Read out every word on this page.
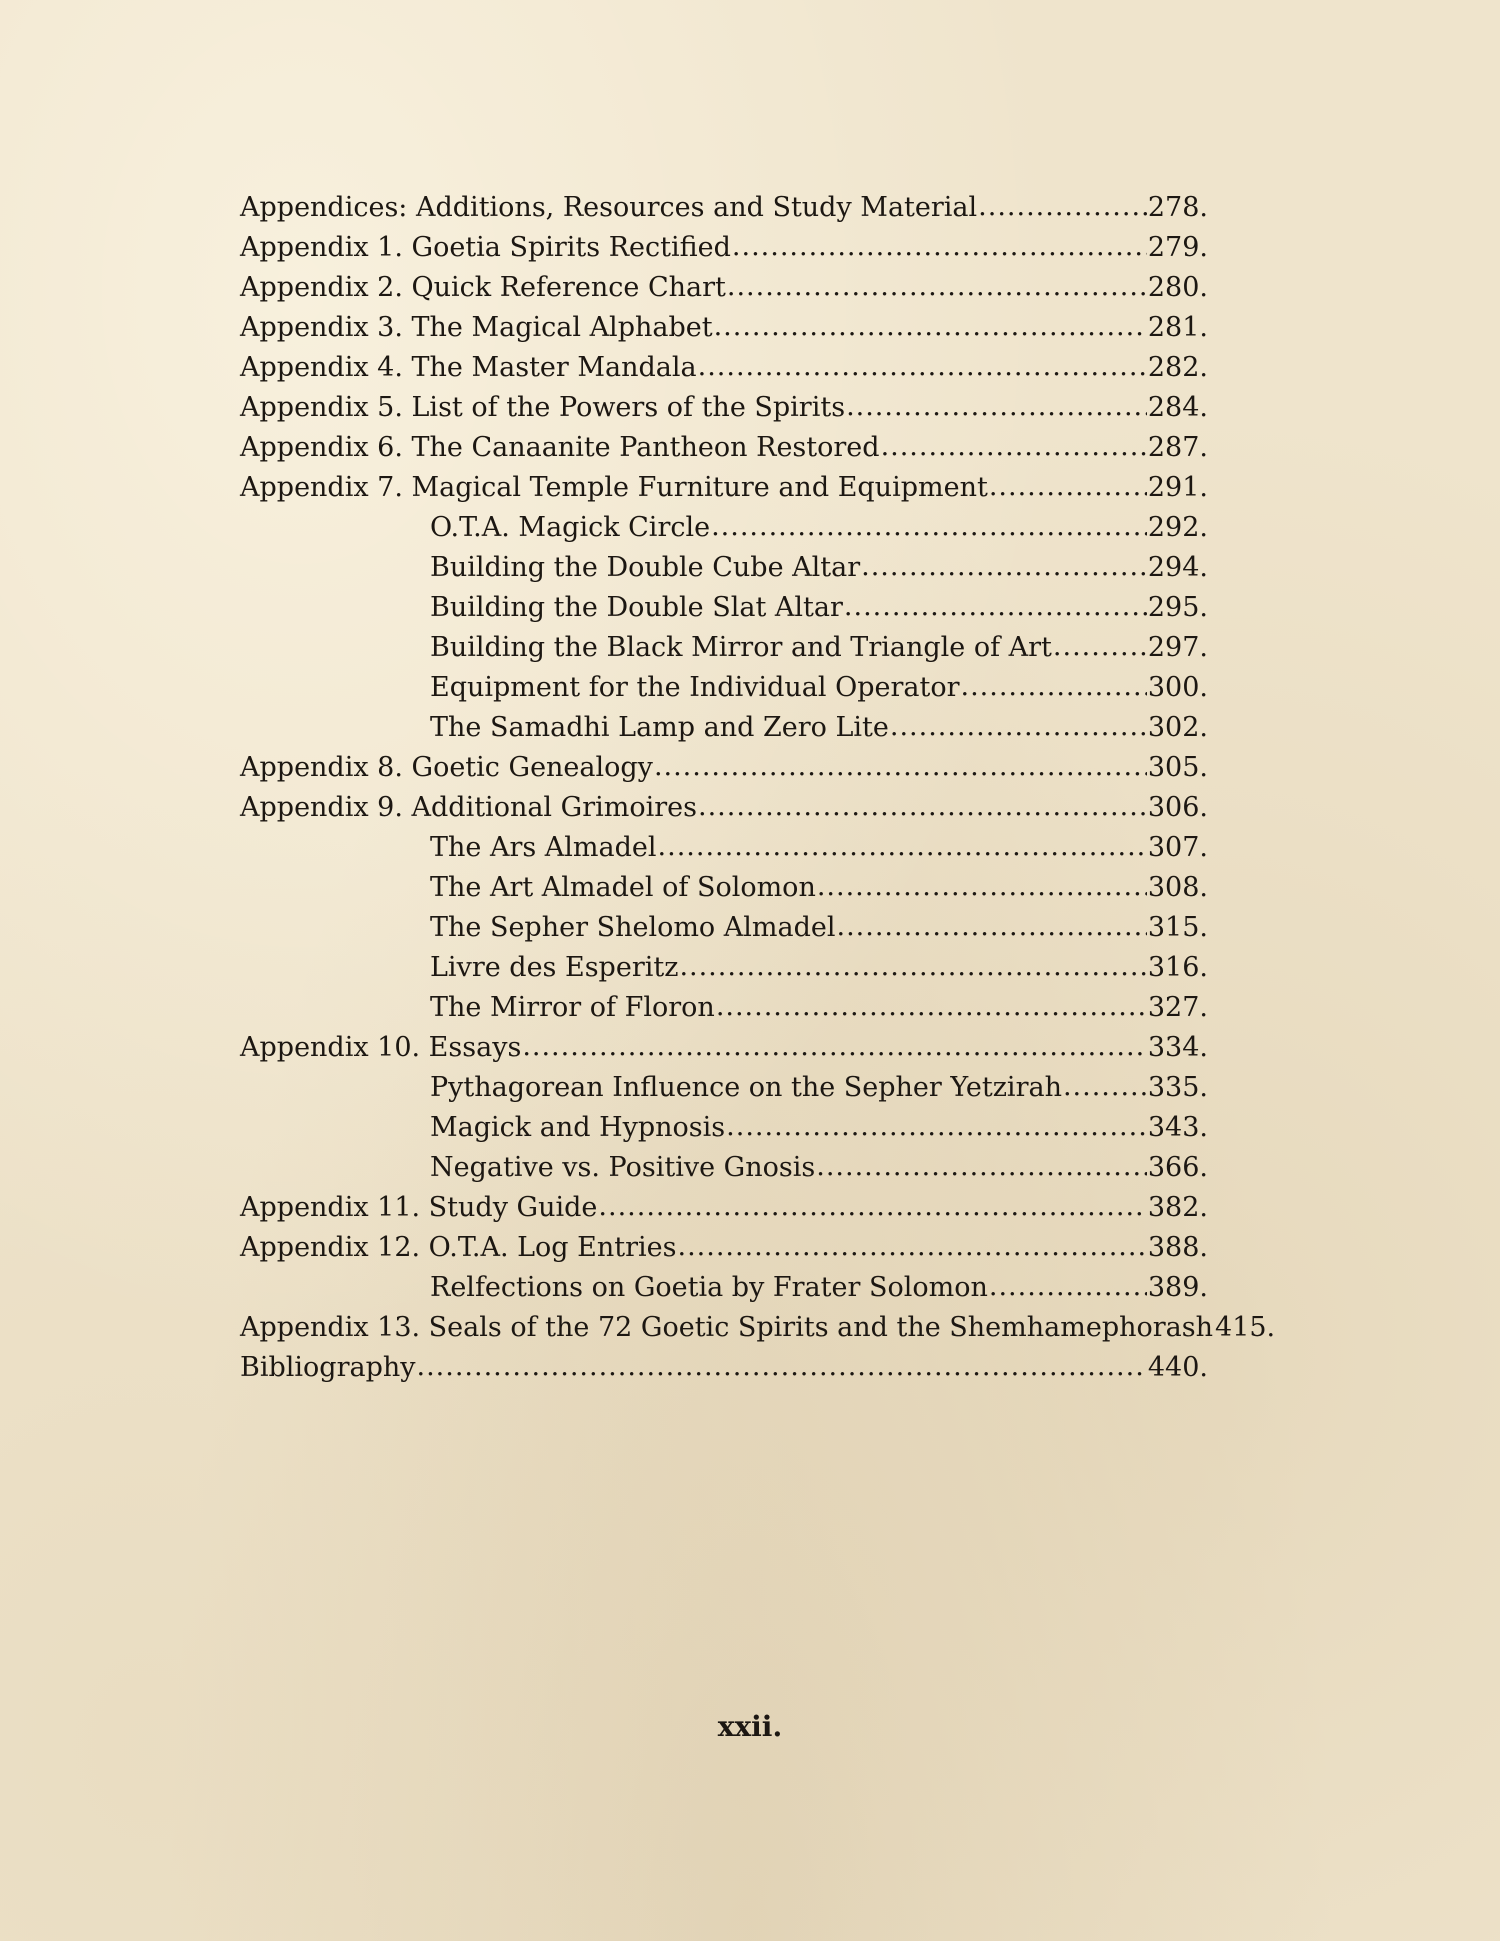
Appendices: Additions, Resources and Study Material .....	278.
Appendix 1. Goetia Spirits Rectified .....	279.
Appendix 2. Quick Reference Chart .....	280.
Appendix 3. The Magical Alphabet .....	281.
Appendix 4. The Master Mandala .....	282.
Appendix 5. List of the Powers of the Spirits .....	284.
Appendix 6. The Canaanite Pantheon Restored .....	287.
Appendix 7. Magical Temple Furniture and Equipment .....	291.
O.T.A. Magick Circle .....	292.
Building the Double Cube Altar .....	294.
Building the Double Slat Altar .....	295.
Building the Black Mirror and Triangle of Art .....	297.
Equipment for the Individual Operator .....	300.
The Samadhi Lamp and Zero Lite .....	302.
Appendix 8. Goetic Genealogy .....	305.
Appendix 9. Additional Grimoires .....	306.
The Ars Almadel .....	307.
The Art Almadel of Solomon .....	308.
The Sepher Shelomo Almadel .....	315.
Livre des Esperitz .....	316.
The Mirror of Floron .....	327.
Appendix 10. Essays .....	334.
Pythagorean Influence on the Sepher Yetzirah .....	335.
Magick and Hypnosis .....	343.
Negative vs. Positive Gnosis .....	366.
Appendix 11. Study Guide .....	382.
Appendix 12. O.T.A. Log Entries .....	388.
Relfections on Goetia by Frater Solomon .....	389.
Appendix 13. Seals of the 72 Goetic Spirits and the Shemhamephorash 415.
Bibliography .....	440.
xxii.
